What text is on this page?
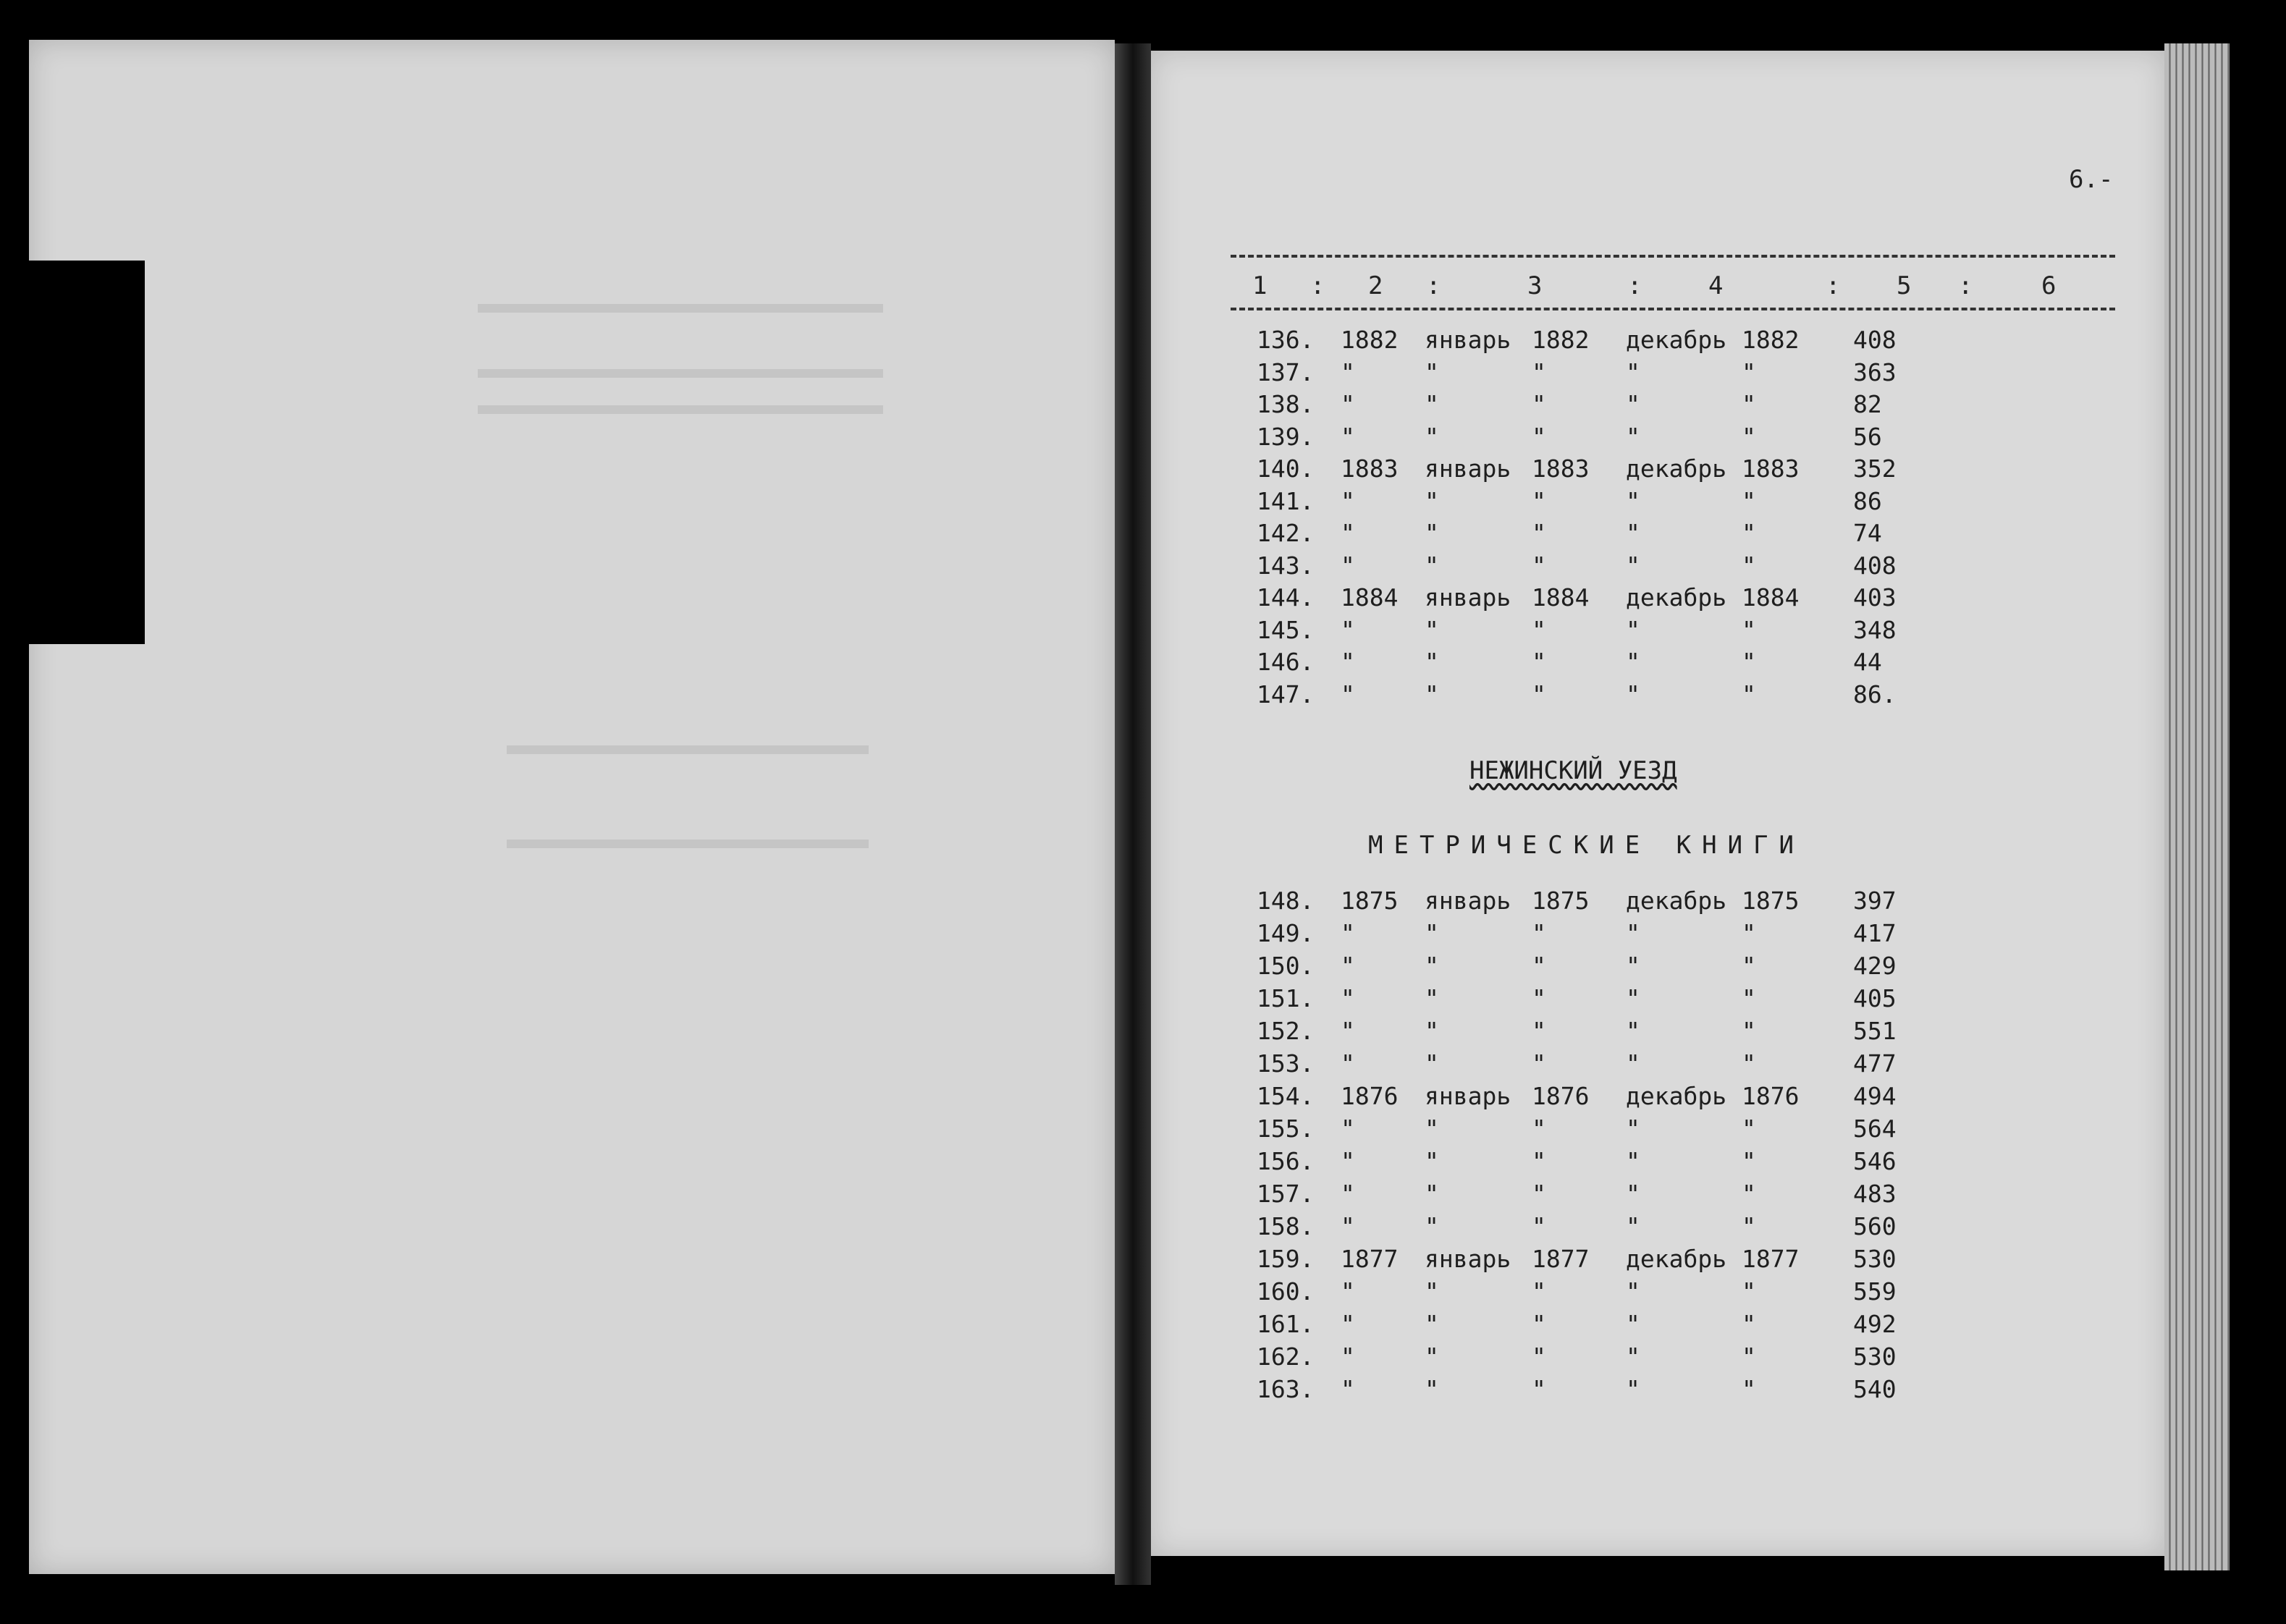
6.-
1 : 2 :	3	:	4	: 5 :	6
136. 1882 январь 1882 декабрь 1882 408
137. "	"	"	"	"	363
138. "	"	"	"	"	82
139. "	"	"	"	"	56
140. 1883 январь 1883 декабрь 1883 352
141. "	"	"	"	"	86
142. "	"	"	"	"	74
143. "	"	"	"	"	408
144. 1884 январь 1884 декабрь 1884 403
145. "	"	"	"	"	348
146. "	"	"	"	"	44
147. "	"	"	"	"	86.
НЕЖИНСКИЙ УЕЗД
МЕТРИЧЕСКИЕ КНИГИ
148. 1875 январь 1875 декабрь 1875 397
149. "	"	"	"	"	417
150. "	"	"	"	"	429
151. "	"	"	"	"	405
152. "	"	"	"	"	551
153. "	"	"	"	"	477
154. 1876 январь 1876 декабрь 1876 494
155. "	"	"	"	"	564
156. "	"	"	"	"	546
157. "	"	"	"	"	483
158. "	"	"	"	"	560
159. 1877 январь 1877 декабрь 1877 530
160. "	"	"	"	"	559
161. "	"	"	"	"	492
162. "	"	"	"	"	530
163. "	"	"	"	"	540
